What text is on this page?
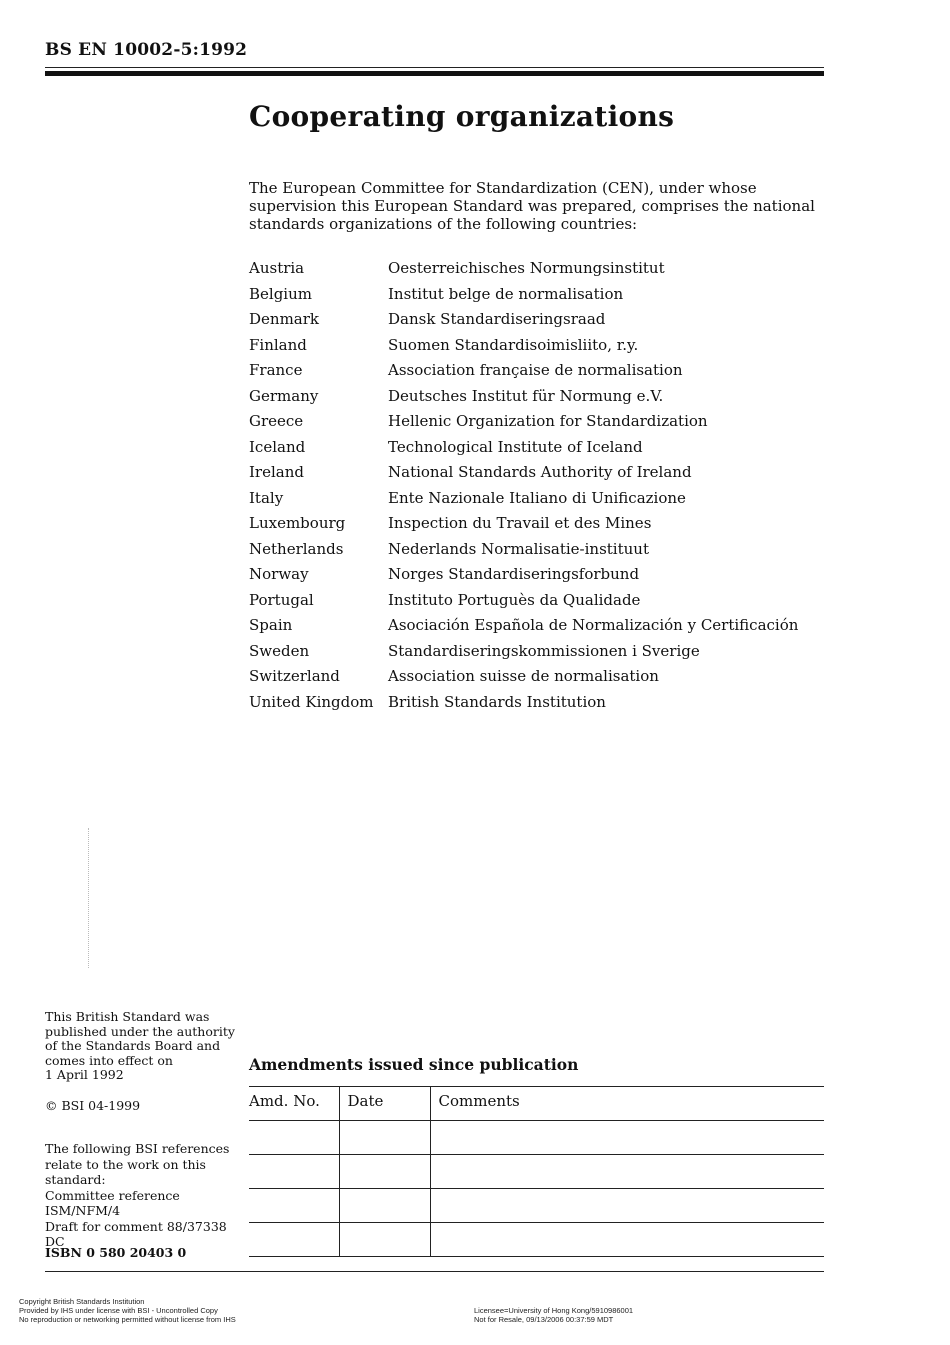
BS EN 10002-5:1992
Cooperating organizations

The European Committee for Standardization (CEN), under whose supervision this European Standard was prepared, comprises the national standards organizations of the following countries:

Austria	Oesterreichisches Normungsinstitut
Belgium	Institut belge de normalisation
Denmark	Dansk Standardiseringsraad
Finland	Suomen Standardisoimisliito, r.y.
France	Association française de normalisation
Germany	Deutsches Institut für Normung e.V.
Greece	Hellenic Organization for Standardization
Iceland	Technological Institute of Iceland
Ireland	National Standards Authority of Ireland
Italy	Ente Nazionale Italiano di Unificazione
Luxembourg	Inspection du Travail et des Mines
Netherlands	Nederlands Normalisatie-instituut
Norway	Norges Standardiseringsforbund
Portugal	Instituto Portuguès da Qualidade
Spain	Asociación Española de Normalización y Certificación
Sweden	Standardiseringskommissionen i Sverige
Switzerland	Association suisse de normalisation
United Kingdom British Standards Institution
This British Standard was
published under the authority
of the Standards Board and
comes into effect on
1 April 1992
© BSI 04-1999
The following BSI references
relate to the work on this
standard:
Committee reference ISM/NFM/4
Draft for comment 88/37338 DC
ISBN 0 580 20403 0
Amendments issued since publication
Amd. No.	Date	Comments

Copyright British Standards Institution
Provided by IHS under license with BSI - Uncontrolled Copy
No reproduction or networking permitted without license from IHS
Licensee=University of Hong Kong/5910986001
Not for Resale, 09/13/2006 00:37:59 MDT
